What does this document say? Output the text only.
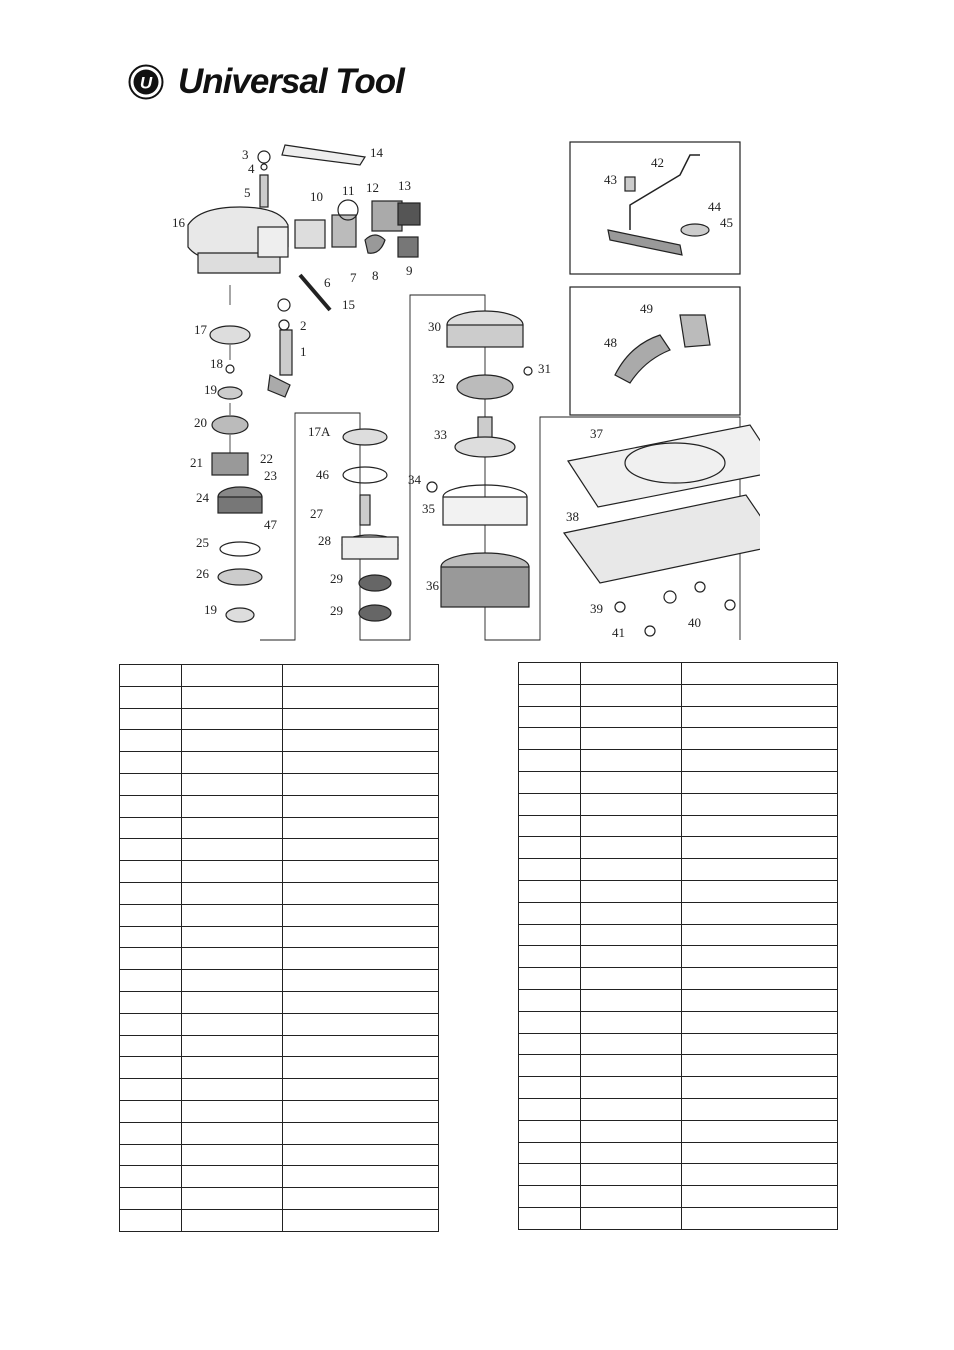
U Universal Tool
1
2
3
4
5
6 7 8 9
10 11 12 13
14
15
16
17
17A
18
19
19
20
21	22
23
24
25
26
27
28
29
29
30
31
32
33
34
35
36
37
38
39
40
41
42
43
44
45
46
47
48
49
